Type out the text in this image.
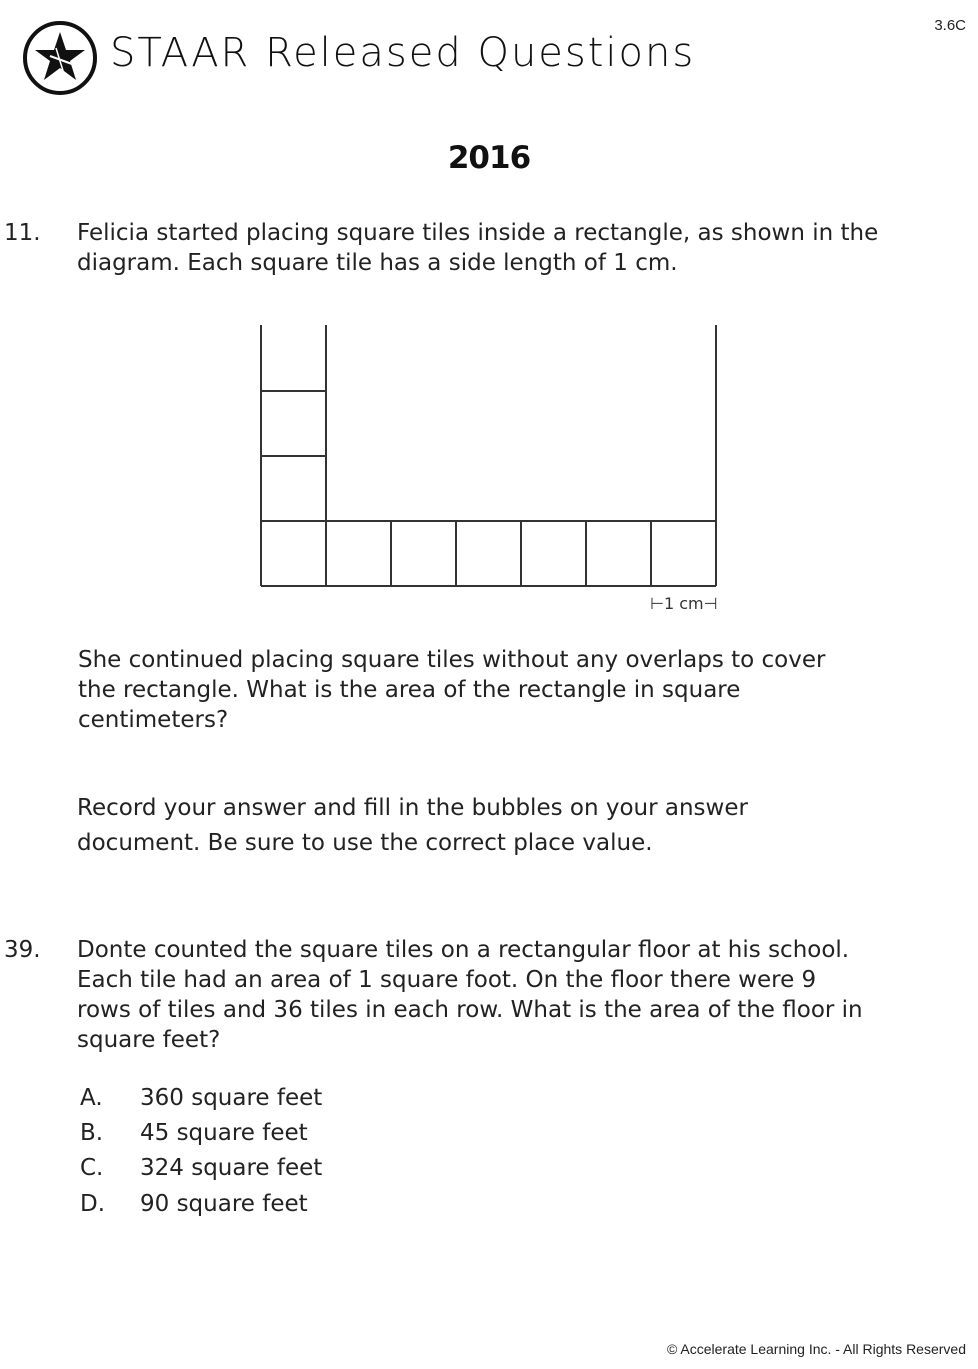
3.6C
STAAR Released Questions
2016
11. Felicia started placing square tiles inside a rectangle, as shown in the
diagram. Each square tile has a side length of 1 cm.

⊢1 cm⊣

She continued placing square tiles without any overlaps to cover
the rectangle. What is the area of the rectangle in square
centimeters?

Record your answer and fill in the bubbles on your answer
document. Be sure to use the correct place value.

39. Donte counted the square tiles on a rectangular floor at his school.
Each tile had an area of 1 square foot. On the floor there were 9
rows of tiles and 36 tiles in each row. What is the area of the floor in
square feet?

A. 360 square feet
B. 45 square feet
C. 324 square feet
D. 90 square feet
© Accelerate Learning Inc. - All Rights Reserved
